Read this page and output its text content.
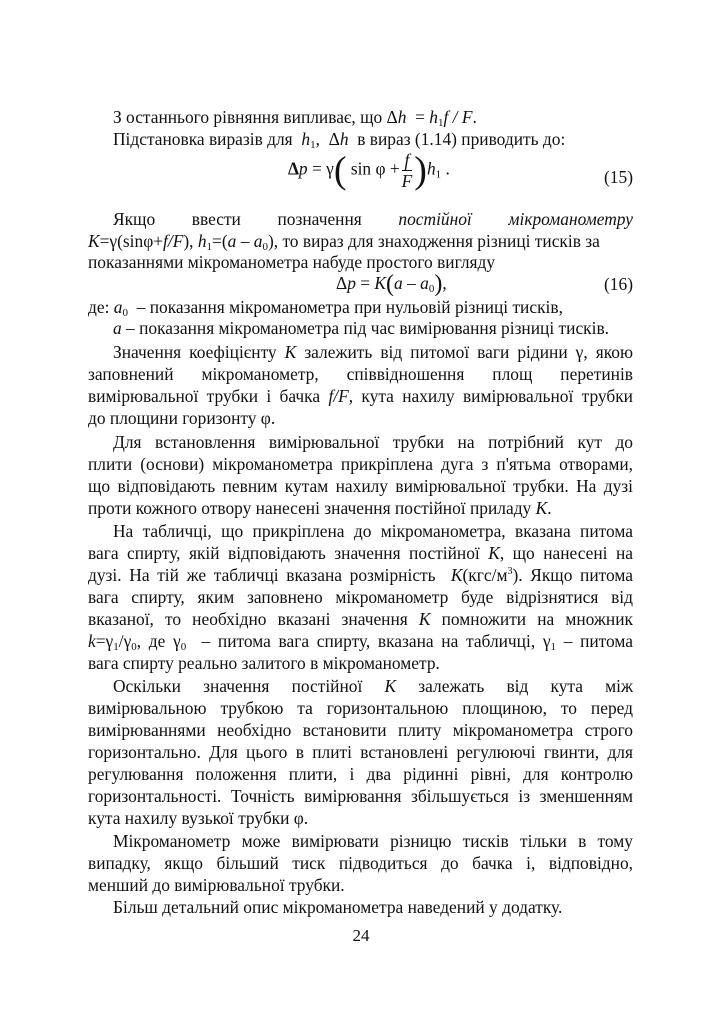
З останнього рівняння випливає, що $\Delta h = h_1f / F$.
Підстановка виразів для  $h_1$,  Δh  в вираз (1.14) приводить до:
Δp = γ( $\sin \varphi + \frac{f}{F} )h_1$ .	(15)
Якщо ввести позначення постійної мікроманометру
K=γ(sinφ+f/F), $h_1=(a - a_0)$, то вираз для знаходження різниці тисків за
показаннями мікроманометра набуде простого вигляду
$\Delta p = K(a - a_0)$,	(16)
де: $a_0$  – показання мікроманометра при нульовій різниці тисків,
a – показання мікроманометра під час вимірювання різниці тисків.
Значення коефіцієнту K залежить від питомої ваги рідини γ, якою
заповнений мікроманометр, співвідношення площ перетинів
вимірювальної трубки і бачка f/F, кута нахилу вимірювальної трубки
до площини горизонту φ.
Для встановлення вимірювальної трубки на потрібний кут до
плити (основи) мікроманометра прикріплена дуга з п'ятьма отворами,
що відповідають певним кутам нахилу вимірювальної трубки. На дузі
проти кожного отвору нанесені значення постійної приладу K.
На табличці, що прикріплена до мікроманометра, вказана питома
вага спирту, якій відповідають значення постійної K, що нанесені на
дузі. На тій же табличці вказана розмірність  $K(кгс/м^3)$. Якщо питома
вага спирту, яким заповнено мікроманометр буде відрізнятися від
вказаної, то необхідно вказані значення K помножити на множник
$k=\gamma_1/\gamma_0$, де $\gamma_0$  – питома вага спирту, вказана на табличці, $\gamma_1$ – питома
вага спирту реально залитого в мікроманометр.
Оскільки значення постійної K залежать від кута між
вимірювальною трубкою та горизонтальною площиною, то перед
вимірюваннями необхідно встановити плиту мікроманометра строго
горизонтально. Для цього в плиті встановлені регулюючі гвинти, для
регулювання положення плити, і два рідинні рівні, для контролю
горизонтальності. Точність вимірювання збільшується із зменшенням
кута нахилу вузької трубки φ.
Мікроманометр може вимірювати різницю тисків тільки в тому
випадку, якщо більший тиск підводиться до бачка і, відповідно,
менший до вимірювальної трубки.
Більш детальний опис мікроманометра наведений у додатку.
24
